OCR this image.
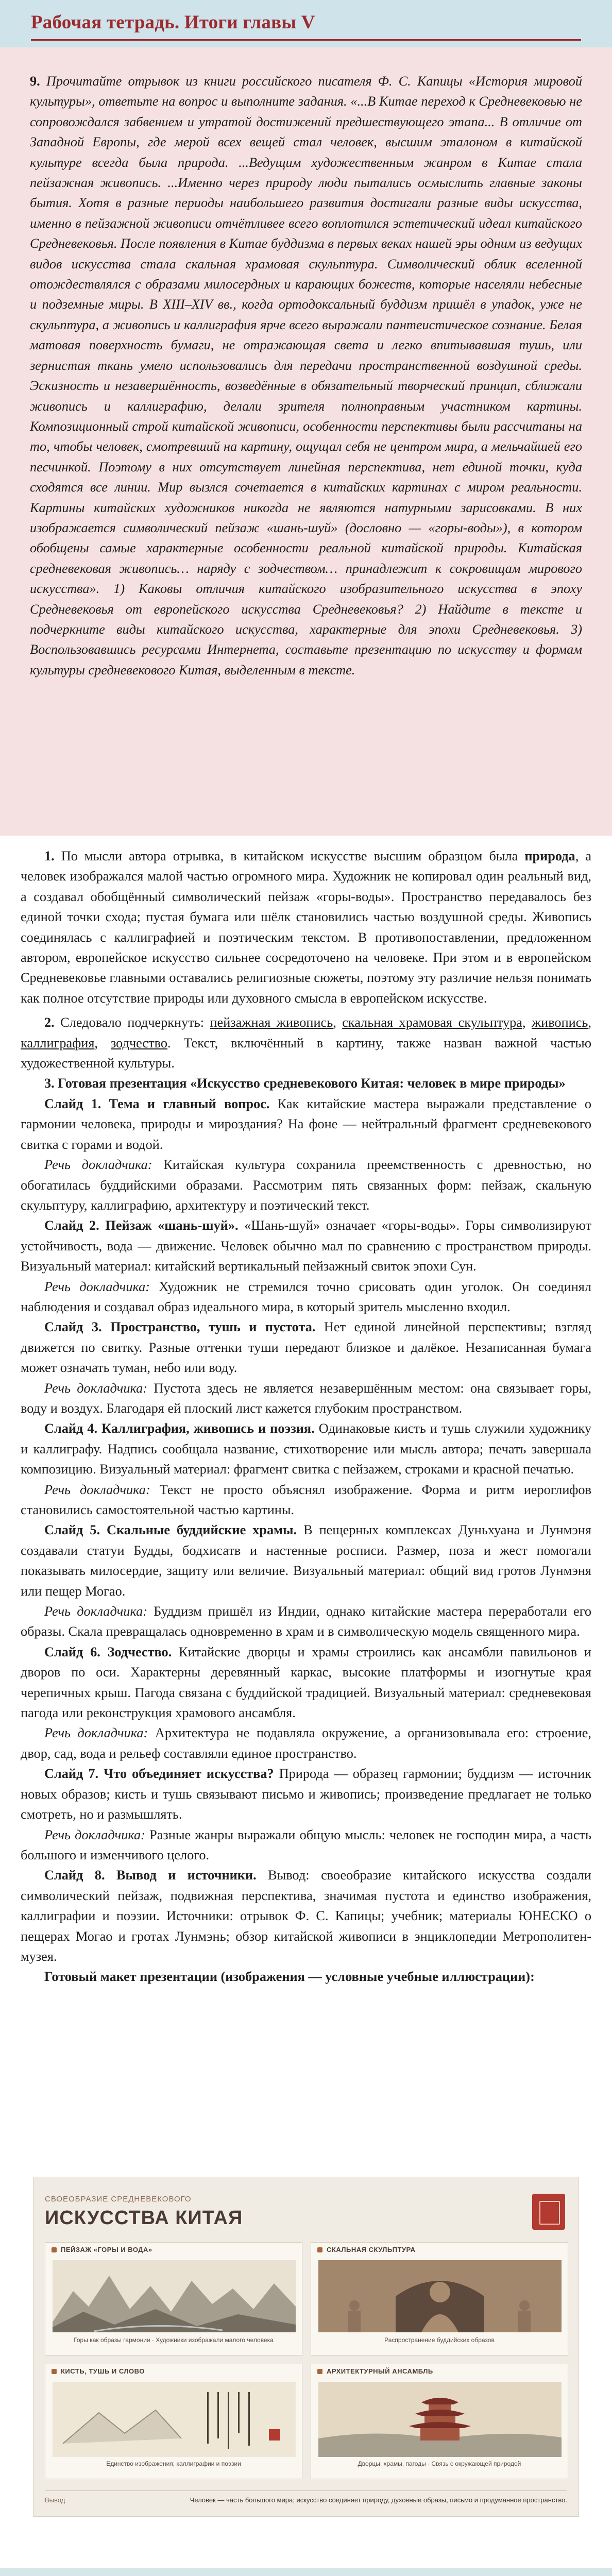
Рабочая тетрадь. Итоги главы V
9. Прочитайте отрывок из книги российского писателя Ф. С. Капицы «История мировой культуры», ответьте на вопрос и выполните задания. «...В Китае переход к Средневековью не сопровождался забвением и утратой достижений предшествующего этапа... В отличие от Западной Европы, где мерой всех вещей стал человек, высшим эталоном в китайской культуре всегда была природа. ...Ведущим художественным жанром в Китае стала пейзажная живопись. ...Именно через природу люди пытались осмыслить главные законы бытия. Хотя в разные периоды наибольшего развития достигали разные виды искусства, именно в пейзажной живописи отчётливее всего воплотился эстетический идеал китайского Средневековья. После появления в Китае буддизма в первых веках нашей эры одним из ведущих видов искусства стала скальная храмовая скульптура. Символический облик вселенной отождествлялся с образами милосердных и карающих божеств, которые населяли небесные и подземные миры. В XIII–XIV вв., когда ортодоксальный буддизм пришёл в упадок, уже не скульптура, а живопись и каллиграфия ярче всего выражали пантеистическое сознание. Белая матовая поверхность бумаги, не отражающая света и легко впитывавшая тушь, или зернистая ткань умело использовались для передачи пространственной воздушной среды. Эскизность и незавершённость, возведённые в обязательный творческий принцип, сближали живопись и каллиграфию, делали зрителя полноправным участником картины. Композиционный строй китайской живописи, особенности перспективы были рассчитаны на то, чтобы человек, смотревший на картину, ощущал себя не центром мира, а мельчайшей его песчинкой. Поэтому в них отсутствует линейная перспектива, нет единой точки, куда сходятся все линии. Мир вызлся сочетается в китайских картинах с миром реальности. Картины китайских художников никогда не являются натурными зарисовками. В них изображается символический пейзаж «шань-шуй» (дословно — «горы-воды»), в котором обобщены самые характерные особенности реальной китайской природы. Китайская средневековая живопись… наряду с зодчеством… принадлежит к сокровищам мирового искусства». 1) Каковы отличия китайского изобразительного искусства в эпоху Средневековья от европейского искусства Средневековья? 2) Найдите в тексте и подчеркните виды китайского искусства, характерные для эпохи Средневековья. 3) Воспользовавшись ресурсами Интернета, составьте презентацию по искусству и формам культуры средневекового Китая, выделенным в тексте.

1. По мысли автора отрывка, в китайском искусстве высшим образцом была природа, а человек изображался малой частью огромного мира. Художник не копировал один реальный вид, а создавал обобщённый символический пейзаж «горы-воды». Пространство передавалось без единой точки схода; пустая бумага или шёлк становились частью воздушной среды. Живопись соединялась с каллиграфией и поэтическим текстом. В противопоставлении, предложенном автором, европейское искусство сильнее сосредоточено на человеке. При этом и в европейском Средневековье главными оставались религиозные сюжеты, поэтому эту различие нельзя понимать как полное отсутствие природы или духовного смысла в европейском искусстве.

2. Следовало подчеркнуть: пейзажная живопись, скальная храмовая скульптура, живопись, каллиграфия, зодчество. Текст, включённый в картину, также назван важной частью художественной культуры.

3. Готовая презентация «Искусство средневекового Китая: человек в мире природы»

Слайд 1. Тема и главный вопрос. Как китайские мастера выражали представление о гармонии человека, природы и мироздания? На фоне — нейтральный фрагмент средневекового свитка с горами и водой.

Речь докладчика: Китайская культура сохранила преемственность с древностью, но обогатилась буддийскими образами. Рассмотрим пять связанных форм: пейзаж, скальную скульптуру, каллиграфию, архитектуру и поэтический текст.

Слайд 2. Пейзаж «шань-шуй». «Шань-шуй» означает «горы-воды». Горы символизируют устойчивость, вода — движение. Человек обычно мал по сравнению с пространством природы. Визуальный материал: китайский вертикальный пейзажный свиток эпохи Сун.

Речь докладчика: Художник не стремился точно срисовать один уголок. Он соединял наблюдения и создавал образ идеального мира, в который зритель мысленно входил.

Слайд 3. Пространство, тушь и пустота. Нет единой линейной перспективы; взгляд движется по свитку. Разные оттенки туши передают близкое и далёкое. Незаписанная бумага может означать туман, небо или воду.

Речь докладчика: Пустота здесь не является незавершённым местом: она связывает горы, воду и воздух. Благодаря ей плоский лист кажется глубоким пространством.

Слайд 4. Каллиграфия, живопись и поэзия. Одинаковые кисть и тушь служили художнику и каллиграфу. Надпись сообщала название, стихотворение или мысль автора; печать завершала композицию. Визуальный материал: фрагмент свитка с пейзажем, строками и красной печатью.

Речь докладчика: Текст не просто объяснял изображение. Форма и ритм иероглифов становились самостоятельной частью картины.

Слайд 5. Скальные буддийские храмы. В пещерных комплексах Дуньхуана и Лунмэня создавали статуи Будды, бодхисатв и настенные росписи. Размер, поза и жест помогали показывать милосердие, защиту или величие. Визуальный материал: общий вид гротов Лунмэня или пещер Могао.

Речь докладчика: Буддизм пришёл из Индии, однако китайские мастера переработали его образы. Скала превращалась одновременно в храм и в символическую модель священного мира.

Слайд 6. Зодчество. Китайские дворцы и храмы строились как ансамбли павильонов и дворов по оси. Характерны деревянный каркас, высокие платформы и изогнутые края черепичных крыш. Пагода связана с буддийской традицией. Визуальный материал: средневековая пагода или реконструкция храмового ансамбля.

Речь докладчика: Архитектура не подавляла окружение, а организовывала его: строение, двор, сад, вода и рельеф составляли единое пространство.

Слайд 7. Что объединяет искусства? Природа — образец гармонии; буддизм — источник новых образов; кисть и тушь связывают письмо и живопись; произведение предлагает не только смотреть, но и размышлять.

Речь докладчика: Разные жанры выражали общую мысль: человек не господин мира, а часть большого и изменчивого целого.

Слайд 8. Вывод и источники. Вывод: своеобразие китайского искусства создали символический пейзаж, подвижная перспектива, значимая пустота и единство изображения, каллиграфии и поэзии. Источники: отрывок Ф. С. Капицы; учебник; материалы ЮНЕСКО о пещерах Могао и гротах Лунмэнь; обзор китайской живописи в энциклопедии Метрополитен-музея.

Готовый макет презентации (изображения — условные учебные иллюстрации):

СВОЕОБРАЗИЕ СРЕДНЕВЕКОВОГО
ИСКУССТВА КИТАЯ
ПЕЙЗАЖ «ГОРЫ И ВОДА»
Горы как образы гармонии · Художники изображали малого человека
СКАЛЬНАЯ СКУЛЬПТУРА
Распространение буддийских образов
КИСТЬ, ТУШЬ И СЛОВО
Единство изображения, каллиграфии и поэзии
АРХИТЕКТУРНЫЙ АНСАМБЛЬ
Дворцы, храмы, пагоды · Связь с окружающей природой
Вывод	Человек — часть большого мира; искусство соединяет природу, духовные образы, письмо и продуманное пространство.
